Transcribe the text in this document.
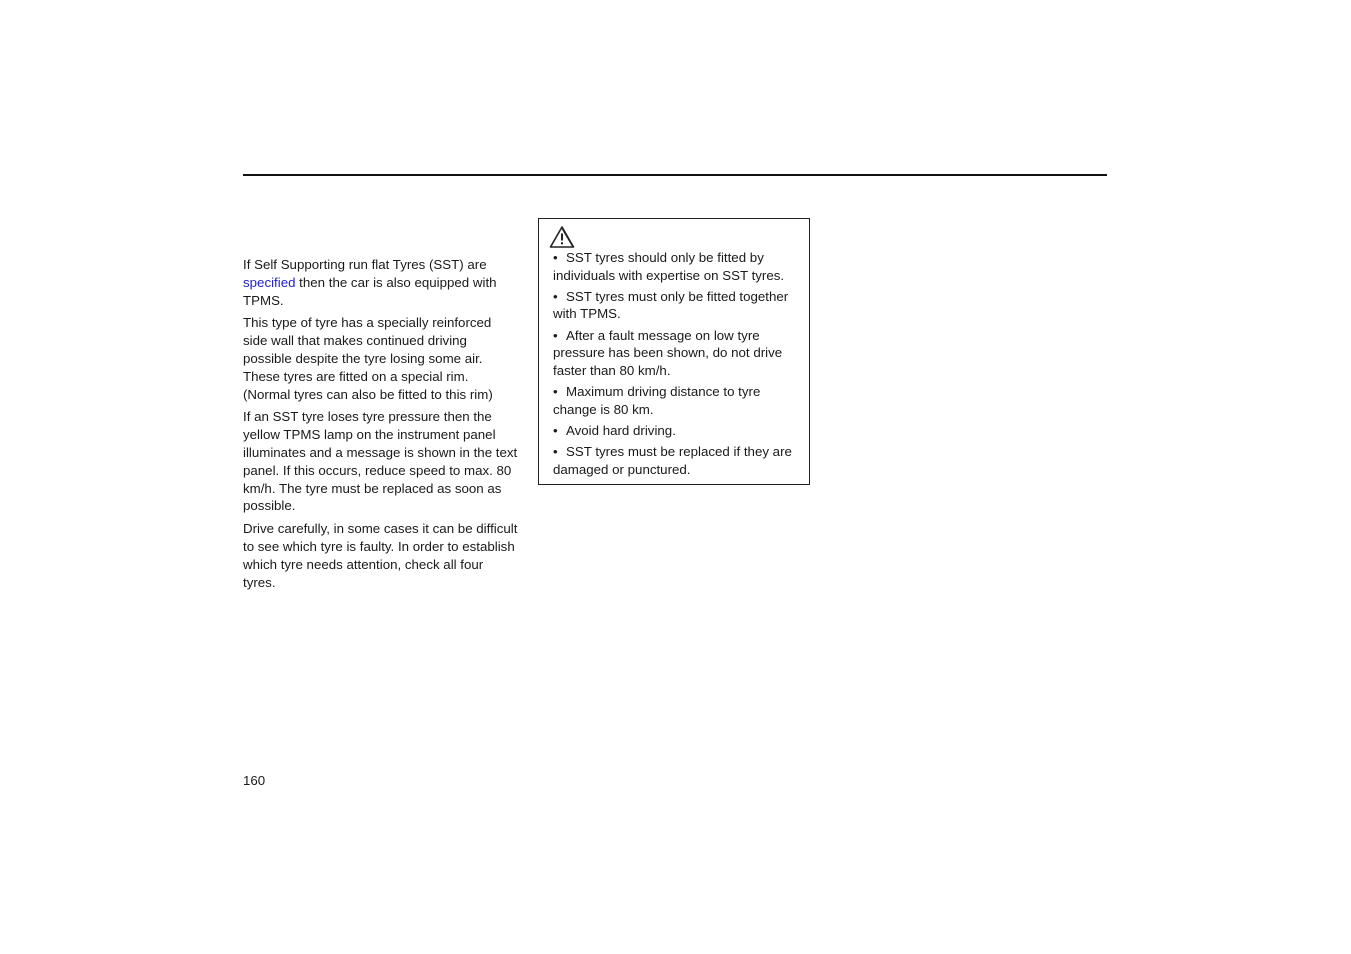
If Self Supporting run flat Tyres (SST) are specified then the car is also equipped with TPMS.

This type of tyre has a specially reinforced side wall that makes continued driving possible despite the tyre losing some air. These tyres are fitted on a special rim. (Normal tyres can also be fitted to this rim)

If an SST tyre loses tyre pressure then the yellow TPMS lamp on the instrument panel illuminates and a message is shown in the text panel. If this occurs, reduce speed to max. 80 km/h. The tyre must be replaced as soon as possible.

Drive carefully, in some cases it can be difficult to see which tyre is faulty. In order to establish which tyre needs attention, check all four tyres.

• SST tyres should only be fitted by individuals with expertise on SST tyres.
• SST tyres must only be fitted together with TPMS.
• After a fault message on low tyre pressure has been shown, do not drive faster than 80 km/h.
• Maximum driving distance to tyre change is 80 km.
• Avoid hard driving.
• SST tyres must be replaced if they are damaged or punctured.
160
